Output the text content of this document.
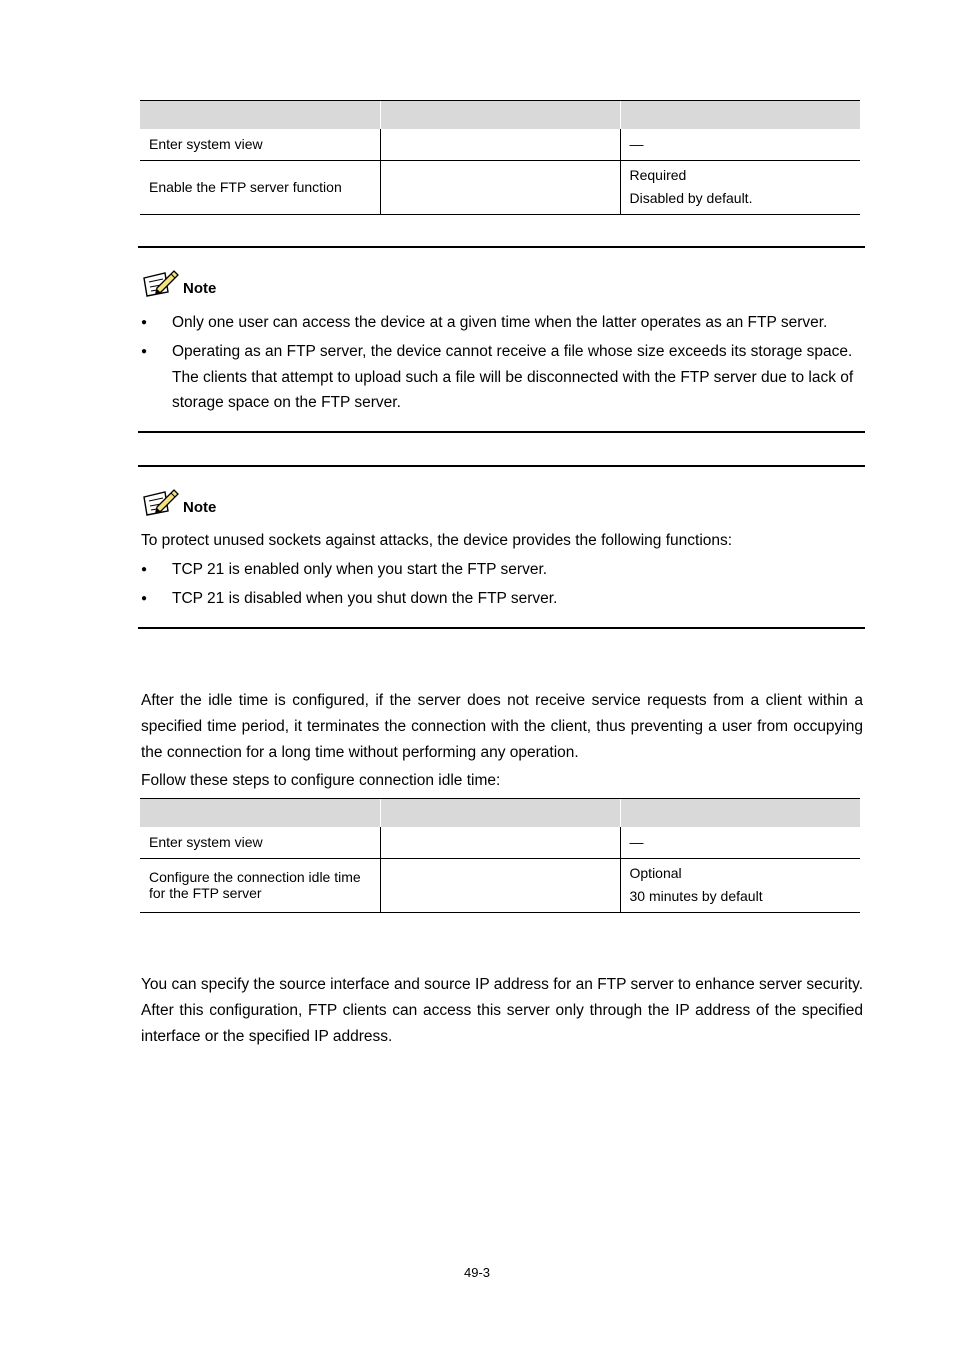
Enter system view		—
Enable the FTP server function		Required
Disabled by default.
Note
● Only one user can access the device at a given time when the latter operates as an FTP server.
● Operating as an FTP server, the device cannot receive a file whose size exceeds its storage space. The clients that attempt to upload such a file will be disconnected with the FTP server due to lack of storage space on the FTP server.
Note

To protect unused sockets against attacks, the device provides the following functions:

● TCP 21 is enabled only when you start the FTP server.
● TCP 21 is disabled when you shut down the FTP server.

After the idle time is configured, if the server does not receive service requests from a client within a specified time period, it terminates the connection with the client, thus preventing a user from occupying the connection for a long time without performing any operation.

Follow these steps to configure connection idle time:

Enter system view		—
Configure the connection idle time for the FTP server		Optional
30 minutes by default

You can specify the source interface and source IP address for an FTP server to enhance server security. After this configuration, FTP clients can access this server only through the IP address of the specified interface or the specified IP address.

49-3
